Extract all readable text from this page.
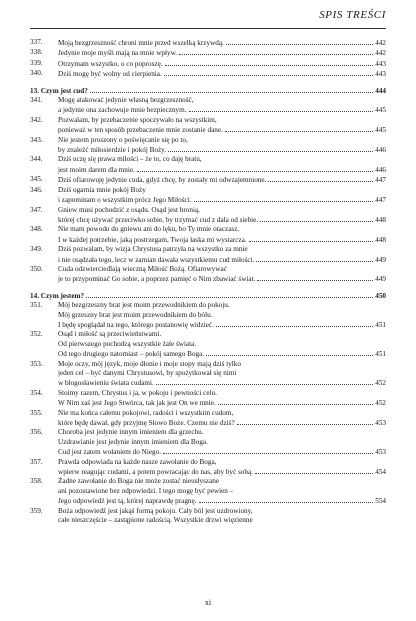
SPIS TREŚCI
337.	Moją bezgrzeszność chroni mnie przed wszelką krzywdą.	442
338.	Jedynie moje myśli mają na mnie wpływ.	442
339.	Otrzymam wszystko, o co poproszę.	443
340.	Dziś mogę być wolny od cierpienia.	443
13. Czym jest cud?	444
341.	Mogę atakować jedynie własną bezgrzeszność,
a jedynie ona zachowuje mnie bezpiecznym.	445
342.	Pozwalam, by przebaczenie spoczywało na wszystkim,
ponieważ w ten sposób przebaczenie mnie zostanie dane.	445
343.	Nie jestem proszony o poświęcanie się po to,
by znaleźć miłosierdzie i pokój Boży.	446
344.	Dziś uczę się prawa miłości – że to, co daję bratu,
jest moim darem dla mnie.	446
345.	Dziś ofiarowuję jedynie cuda, gdyż chcę, by zostały mi odwzajemnione.	447
346.	Dziś ogarnia mnie pokój Boży
i zapominam o wszystkim prócz Jego Miłości.	447
347.	Gniew musi pochodzić z osądu. Osąd jest bronią,
której chcę używać przeciwko sobie, by trzymać cud z dala od siebie.	448
348.	Nie mam powodu do gniewu ani do lęku, bo Ty mnie otaczasz.
I w każdej potrzebie, jaką postrzegam, Twoja łaska mi wystarcza.	448
349.	Dziś pozwalam, by wizja Chrystusa patrzyła na wszystko za mnie
i nie osądzała tego, lecz w zamian dawała wszystkiemu cud miłości.	449
350.	Cuda odzwierciedlają wieczną Miłość Bożą. Ofiarowywać
je to przypominać Go sobie, a poprzez pamięć o Nim zbawiać świat.	449
14. Czym jestem?	450
351.	Mój bezgrzeszny brat jest moim przewodnikiem do pokoju.
Mój grzeszny brat jest moim przewodnikiem do bólu.
I będę spoglądał na tego, którego postanowię widzieć.	451
352.	Osąd i miłość są przeciwieństwami.
Od pierwszego pochodzą wszystkie żale świata.
Od tego drugiego natomiast – pokój samego Boga.	451
353.	Moje oczy, mój język, moje dłonie i moje stopy mają dziś tylko
jeden cel – być danymi Chrystusowi, by spożytkował się nimi
w błogosławieniu świata cudami.	452
354.	Stoimy razem, Chrystus i ja, w pokoju i pewności celu.
W Nim zaś jest Jego Stwórca, tak jak jest On we mnie.	452
355.	Nie ma końca całemu pokojowi, radości i wszystkim cudom,
które będę dawał, gdy przyjmę Słowo Boże. Czemu nie dziś?	453
356.	Choroba jest jedynie innym imieniem dla grzechu.
Uzdrawianie jest jedynie innym imieniem dla Boga.
Cud jest zatem wołaniem do Niego.	453
357.	Prawda odpowiada na każde nasze zawołanie do Boga,
wpierw reagując cudami, a potem powracając do nas, aby być sobą.	454
358.	Żadne zawołanie do Boga nie może zostać nieusłyszane
ani pozostawione bez odpowiedzi. I tego mogę być pewien –
Jego odpowiedź jest tą, której naprawdę pragnę.	554
359.	Boża odpowiedź jest jakąś formą pokoju. Cały ból jest uzdrowiony,
całe nieszczęście – zastąpione radością. Wszystkie drzwi więzienne
xi
